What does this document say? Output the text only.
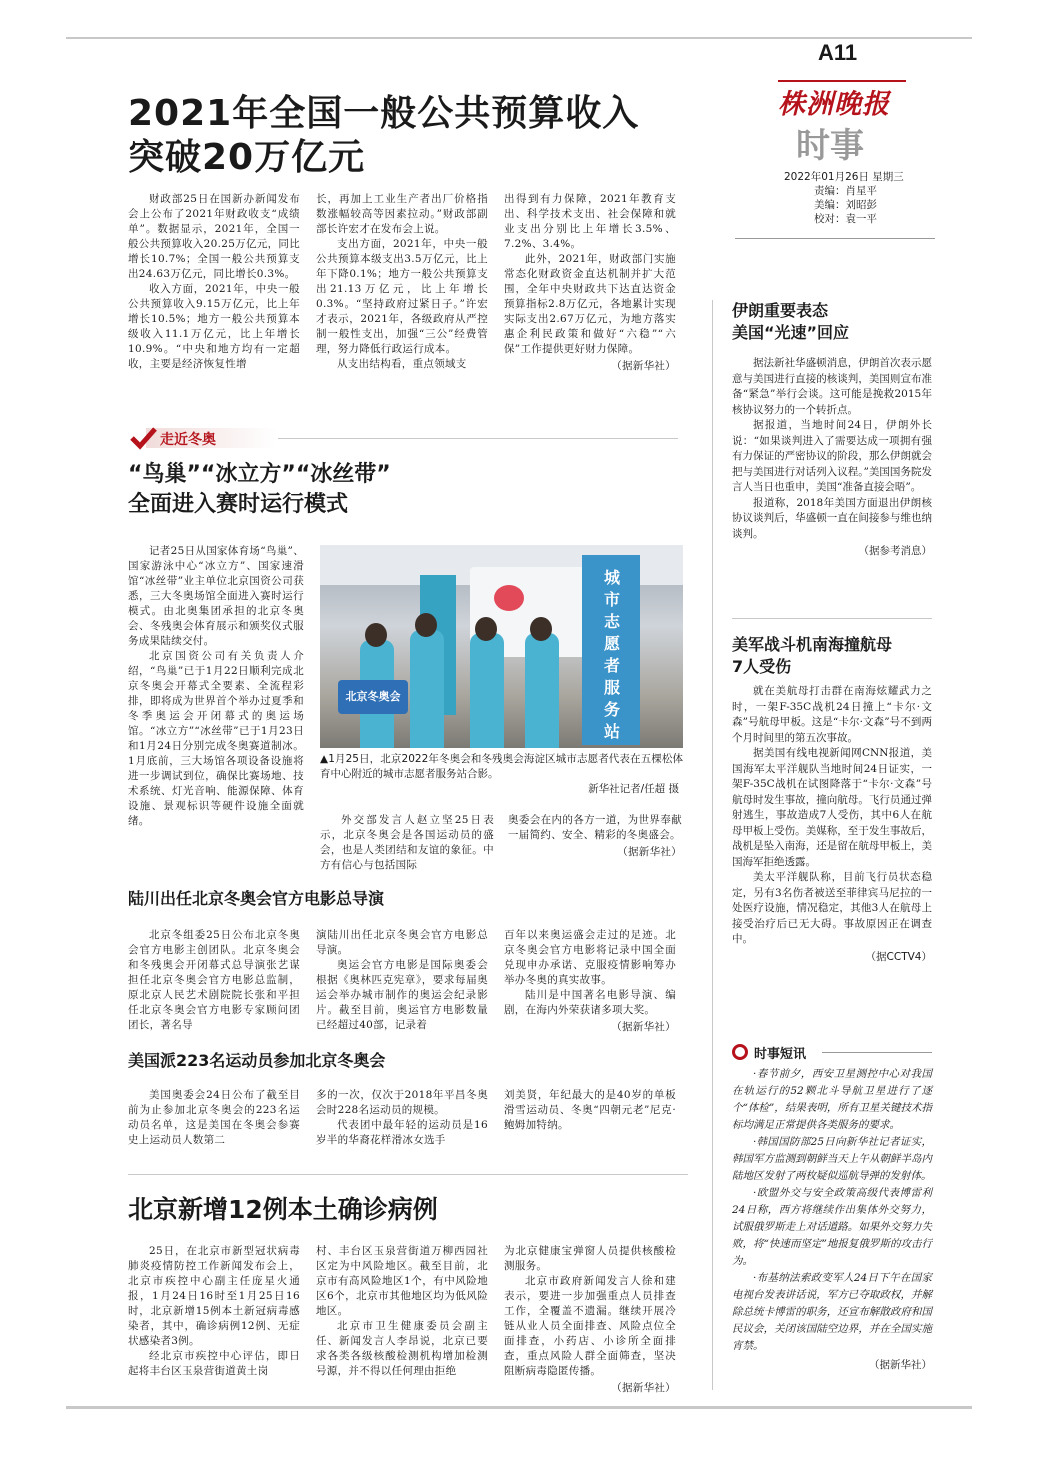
A11
株洲晚报
时事
2022年01月26日 星期三
责编：肖星平
美编：刘昭彭
校对：袁一平
2021年全国一般公共预算收入
突破20万亿元

财政部25日在国新办新闻发布会上公布了2021年财政收支“成绩单”。数据显示，2021年，全国一般公共预算收入20.25万亿元，同比增长10.7%；全国一般公共预算支出24.63万亿元，同比增长0.3%。

收入方面，2021年，中央一般公共预算收入9.15万亿元，比上年增长10.5%；地方一般公共预算本级收入11.1万亿元，比上年增长10.9%。“中央和地方均有一定超收，主要是经济恢复性增

长，再加上工业生产者出厂价格指数涨幅较高等因素拉动。”财政部副部长许宏才在发布会上说。

支出方面，2021年，中央一般公共预算本级支出3.5万亿元，比上年下降0.1%；地方一般公共预算支出21.13万亿元，比上年增长0.3%。“坚持政府过紧日子。”许宏才表示，2021年，各级政府从严控制一般性支出，加强“三公”经费管理，努力降低行政运行成本。

从支出结构看，重点领域支

出得到有力保障，2021年教育支出、科学技术支出、社会保障和就业支出分别比上年增长3.5%、7.2%、3.4%。

此外，2021年，财政部门实施常态化财政资金直达机制并扩大范围，全年中央财政共下达直达资金预算指标2.8万亿元，各地累计实现实际支出2.67万亿元，为地方落实惠企利民政策和做好“六稳”“六保”工作提供更好财力保障。

（据新华社）
走近冬奥
“鸟巢”“冰立方”“冰丝带”
全面进入赛时运行模式

记者25日从国家体育场“鸟巢”、国家游泳中心“冰立方”、国家速滑馆“冰丝带”业主单位北京国资公司获悉，三大冬奥场馆全面进入赛时运行模式。由北奥集团承担的北京冬奥会、冬残奥会体育展示和颁奖仪式服务成果陆续交付。

北京国资公司有关负责人介绍，“鸟巢”已于1月22日顺利完成北京冬奥会开幕式全要素、全流程彩排，即将成为世界首个举办过夏季和冬季奥运会开闭幕式的奥运场馆。“冰立方”“冰丝带”已于1月23日和1月24日分别完成冬奥赛道制冰。1月底前，三大场馆各项设备设施将进一步调试到位，确保比赛场地、技术系统、灯光音响、能源保障、体育设施、景观标识等硬件设施全面就绪。

城市志愿者服务站
北京冬奥会
▲1月25日，北京2022年冬奥会和冬残奥会海淀区城市志愿者代表在五棵松体育中心附近的城市志愿者服务站合影。
新华社记者/任超 摄

外交部发言人赵立坚25日表示，北京冬奥会是各国运动员的盛会，也是人类团结和友谊的象征。中方有信心与包括国际

奥委会在内的各方一道，为世界奉献一届简约、安全、精彩的冬奥盛会。

（据新华社）
陆川出任北京冬奥会官方电影总导演

北京冬组委25日公布北京冬奥会官方电影主创团队。北京冬奥会和冬残奥会开闭幕式总导演张艺谋担任北京冬奥会官方电影总监制，原北京人民艺术剧院院长张和平担任北京冬奥会官方电影专家顾问团团长，著名导

演陆川出任北京冬奥会官方电影总导演。

奥运会官方电影是国际奥委会根据《奥林匹克宪章》，要求每届奥运会举办城市制作的奥运会纪录影片。截至目前，奥运官方电影数量已经超过40部，记录着

百年以来奥运盛会走过的足迹。北京冬奥会官方电影将记录中国全面兑现申办承诺、克服疫情影响筹办举办冬奥的真实故事。

陆川是中国著名电影导演、编剧，在海内外荣获诸多项大奖。

（据新华社）
美国派223名运动员参加北京冬奥会

美国奥委会24日公布了截至目前为止参加北京冬奥会的223名运动员名单，这是美国在冬奥会参赛史上运动员人数第二

多的一次，仅次于2018年平昌冬奥会时228名运动员的规模。

代表团中最年轻的运动员是16岁半的华裔花样滑冰女选手

刘美贤，年纪最大的是40岁的单板滑雪运动员、冬奥“四朝元老”尼克·鲍姆加特纳。

北京新增12例本土确诊病例

25日，在北京市新型冠状病毒肺炎疫情防控工作新闻发布会上，北京市疾控中心副主任庞星火通报，1月24日16时至1月25日16时，北京新增15例本土新冠病毒感染者，其中，确诊病例12例、无症状感染者3例。

经北京市疾控中心评估，即日起将丰台区玉泉营街道黄土岗

村、丰台区玉泉营街道万柳西园社区定为中风险地区。截至目前，北京市有高风险地区1个，有中风险地区6个，北京市其他地区均为低风险地区。

北京市卫生健康委员会副主任、新闻发言人李昂说，北京已要求各类各级核酸检测机构增加检测号源，并不得以任何理由拒绝

为北京健康宝弹窗人员提供核酸检测服务。

北京市政府新闻发言人徐和建表示，要进一步加强重点人员排查工作，全覆盖不遗漏。继续开展冷链从业人员全面排查、风险点位全面排查，小药店、小诊所全面排查，重点风险人群全面筛查，坚决阻断病毒隐匿传播。

（据新华社）
伊朗重要表态
美国“光速”回应

据法新社华盛顿消息，伊朗首次表示愿意与美国进行直接的核谈判，美国则宣布准备“紧急”举行会谈。这可能是挽救2015年核协议努力的一个转折点。

据报道，当地时间24日，伊朗外长说：“如果谈判进入了需要达成一项拥有强有力保证的严密协议的阶段，那么伊朗就会把与美国进行对话列入议程。”美国国务院发言人当日也重申，美国“准备直接会晤”。

报道称，2018年美国方面退出伊朗核协议谈判后，华盛顿一直在间接参与维也纳谈判。

（据参考消息）
美军战斗机南海撞航母
7人受伤

就在美航母打击群在南海炫耀武力之时，一架F-35C战机24日撞上“卡尔·文森”号航母甲板。这是“卡尔·文森”号不到两个月时间里的第五次事故。

据美国有线电视新闻网CNN报道，美国海军太平洋舰队当地时间24日证实，一架F-35C战机在试图降落于“卡尔·文森”号航母时发生事故，撞向航母。飞行员通过弹射逃生，事故造成7人受伤，其中6人在航母甲板上受伤。美媒称，至于发生事故后，战机是坠入南海，还是留在航母甲板上，美国海军拒绝透露。

美太平洋舰队称，目前飞行员状态稳定，另有3名伤者被送至菲律宾马尼拉的一处医疗设施，情况稳定，其他3人在航母上接受治疗后已无大碍。事故原因正在调查中。

（据CCTV4）
时事短讯

·春节前夕，西安卫星测控中心对我国在轨运行的52颗北斗导航卫星进行了逐个“体检”，结果表明，所有卫星关键技术指标均满足正常提供各类服务的要求。

·韩国国防部25日向新华社记者证实，韩国军方监测到朝鲜当天上午从朝鲜半岛内陆地区发射了两枚疑似巡航导弹的发射体。

·欧盟外交与安全政策高级代表博雷利24日称，西方将继续作出集体外交努力，试服俄罗斯走上对话道路。如果外交努力失败，将“快速而坚定”地报复俄罗斯的攻击行为。

·布基纳法索政变军人24日下午在国家电视台发表讲话说，军方已夺取政权，并解除总统卡博雷的职务，还宣布解散政府和国民议会，关闭该国陆空边界，并在全国实施宵禁。

（据新华社）
